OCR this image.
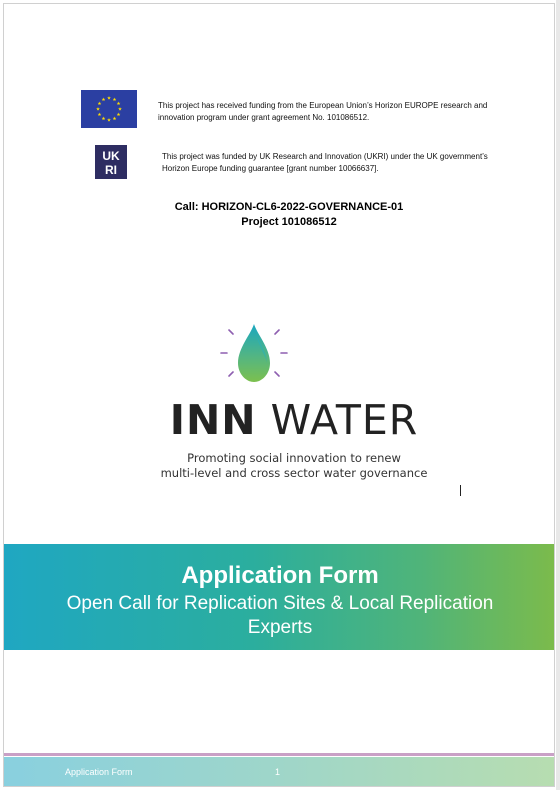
This project has received funding from the European Union’s Horizon EUROPE research and innovation program under grant agreement No. 101086512.
UK
RI
This project was funded by UK Research and Innovation (UKRI) under the UK government’s Horizon Europe funding guarantee [grant number 10066637].
Call: HORIZON-CL6-2022-GOVERNANCE-01
Project 101086512
INN WATER
Promoting social innovation to renew
multi-level and cross sector water governance
Application Form
Open Call for Replication Sites & Local Replication Experts
Application Form	1
